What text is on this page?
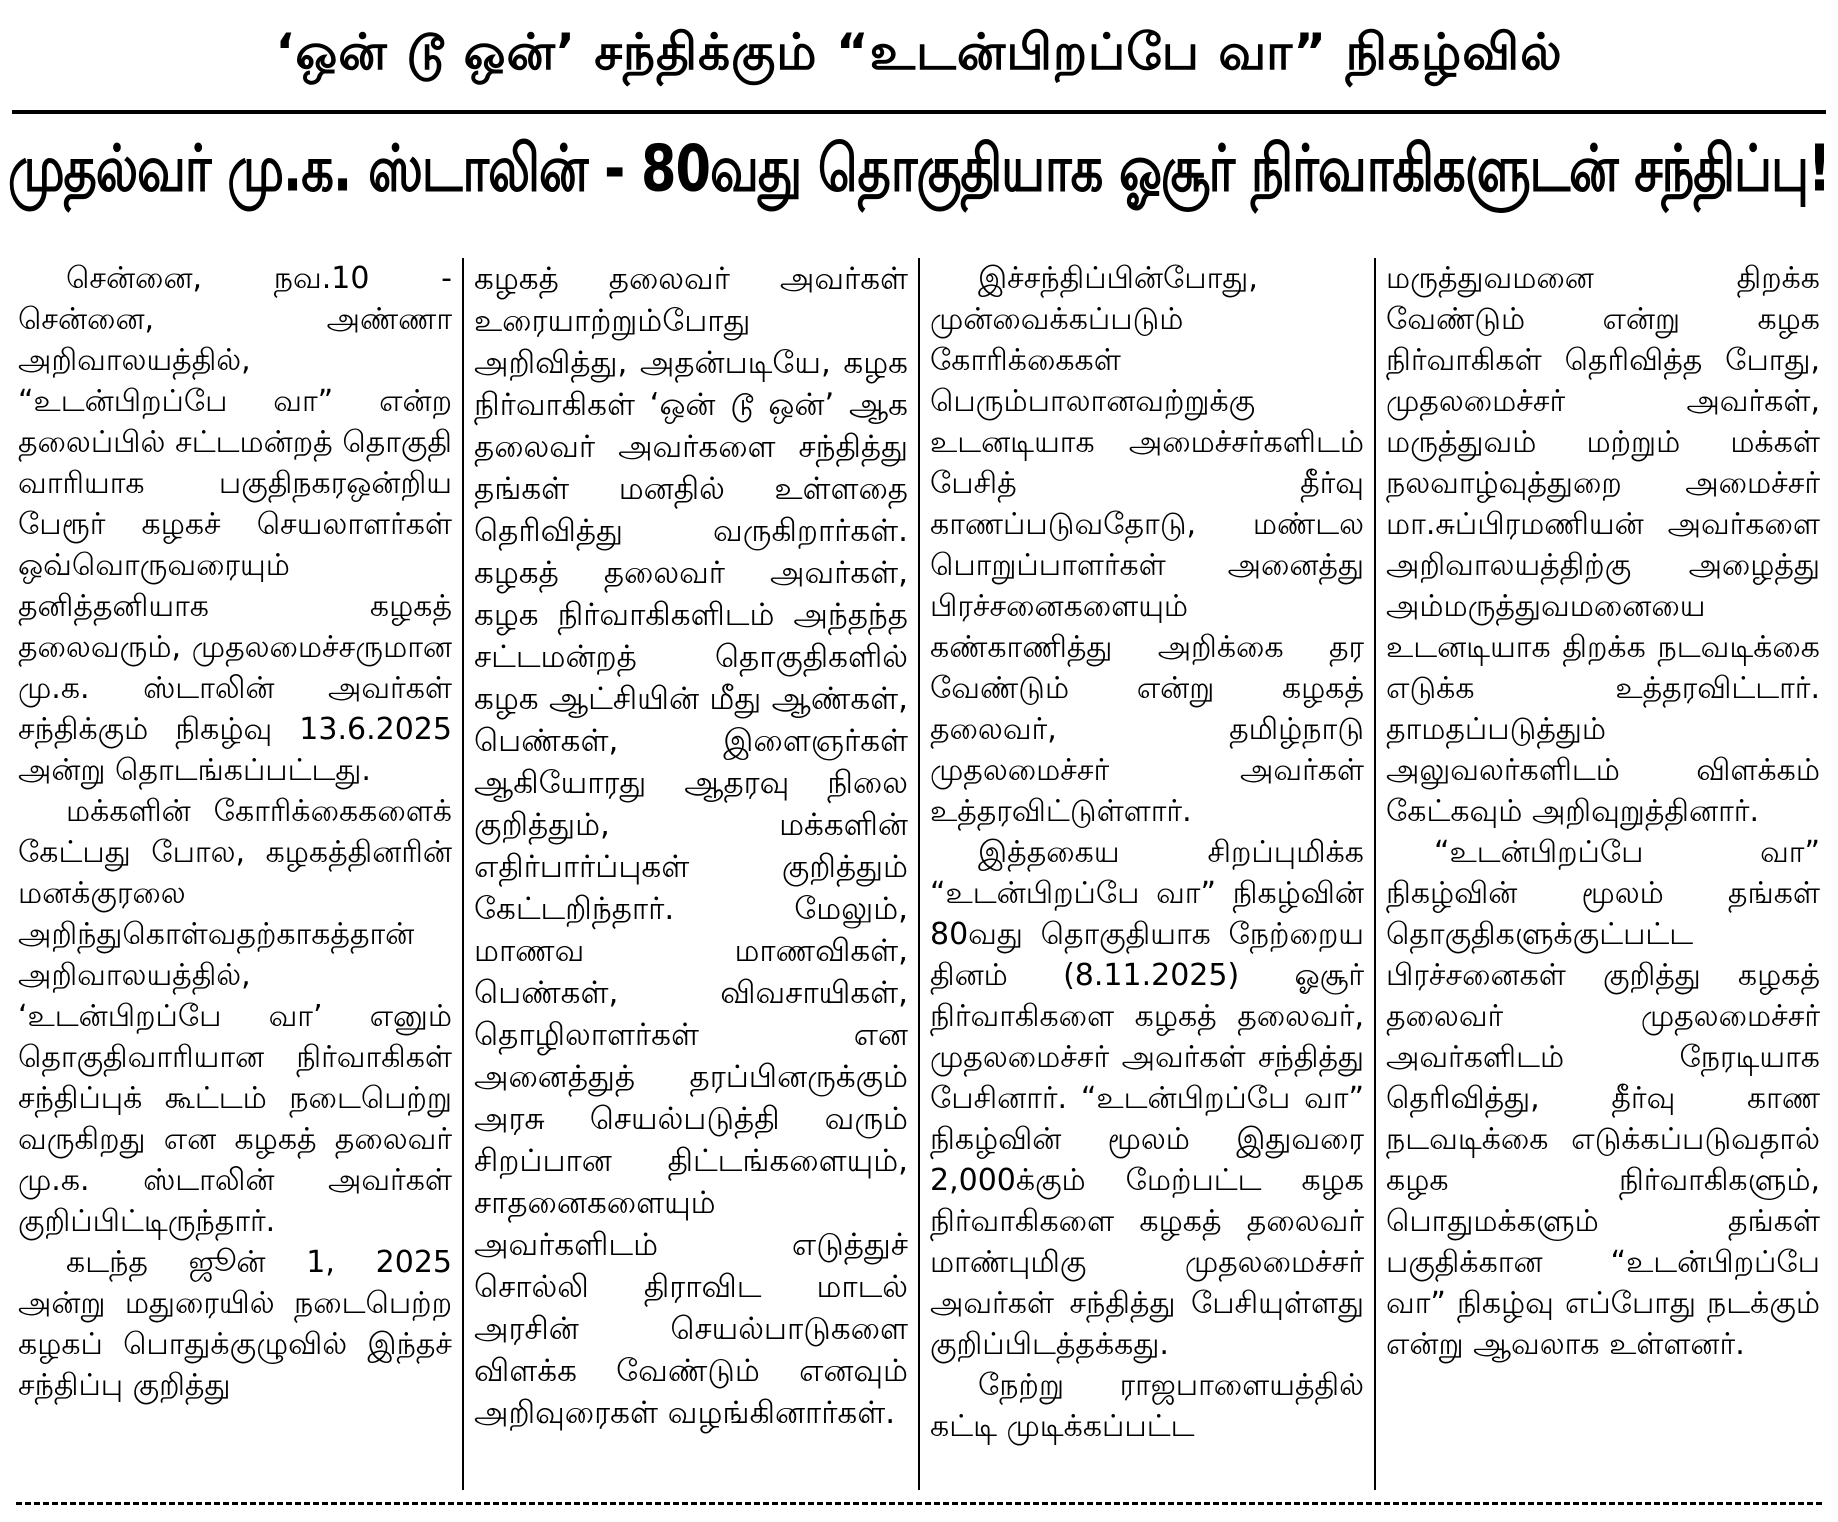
‘ஒன் டூ ஒன்’ சந்திக்கும் “உடன்பிறப்பே வா” நிகழ்வில்
முதல்வர் மு.க. ஸ்டாலின் - 80வது தொகுதியாக ஓசூர் நிர்வாகிகளுடன் சந்திப்பு!

சென்னை, நவ.10 - சென்னை, அண்ணா அறிவாலயத்தில், “உடன்பிறப்பே வா” என்ற தலைப்பில் சட்டமன்றத் தொகுதி வாரியாக பகுதிநகரஒன்றிய பேரூர் கழகச் செயலாளர்கள் ஒவ்வொருவரையும் தனித்தனியாக கழகத் தலைவரும், முதலமைச்சருமான மு.க. ஸ்டாலின் அவர்கள் சந்திக்கும் நிகழ்வு 13.6.2025 அன்று தொடங்கப்பட்டது.

மக்களின் கோரிக்கைகளைக் கேட்பது போல, கழகத்தினரின் மனக்குரலை அறிந்துகொள்வதற்காகத்தான் அறிவாலயத்தில், ‘உடன்பிறப்பே வா’ எனும் தொகுதிவாரியான நிர்வாகிகள் சந்திப்புக் கூட்டம் நடைபெற்று வருகிறது என கழகத் தலைவர் மு.க. ஸ்டாலின் அவர்கள் குறிப்பிட்டிருந்தார்.

கடந்த ஜூன் 1, 2025 அன்று மதுரையில் நடைபெற்ற கழகப் பொதுக்குழுவில் இந்தச் சந்திப்பு குறித்து

கழகத் தலைவர் அவர்கள் உரையாற்றும்போது அறிவித்து, அதன்படியே, கழக நிர்வாகிகள் ‘ஒன் டூ ஒன்’ ஆக தலைவர் அவர்களை சந்தித்து தங்கள் மனதில் உள்ளதை தெரிவித்து வருகிறார்கள். கழகத் தலைவர் அவர்கள், கழக நிர்வாகிகளிடம் அந்தந்த சட்டமன்றத் தொகுதிகளில் கழக ஆட்சியின் மீது ஆண்கள், பெண்கள், இளைஞர்கள் ஆகியோரது ஆதரவு நிலை குறித்தும், மக்களின் எதிர்பார்ப்புகள் குறித்தும் கேட்டறிந்தார். மேலும், மாணவ மாணவிகள், பெண்கள், விவசாயிகள், தொழிலாளர்கள் என அனைத்துத் தரப்பினருக்கும் அரசு செயல்படுத்தி வரும் சிறப்பான திட்டங்களையும், சாதனைகளையும் அவர்களிடம் எடுத்துச் சொல்லி திராவிட மாடல் அரசின் செயல்பாடுகளை விளக்க வேண்டும் எனவும் அறிவுரைகள் வழங்கினார்கள்.

இச்சந்திப்பின்போது, முன்வைக்கப்படும் கோரிக்கைகள் பெரும்பாலானவற்றுக்கு உடனடியாக அமைச்சர்களிடம் பேசித் தீர்வு காணப்படுவதோடு, மண்டல பொறுப்பாளர்கள் அனைத்து பிரச்சனைகளையும் கண்காணித்து அறிக்கை தர வேண்டும் என்று கழகத் தலைவர், தமிழ்நாடு முதலமைச்சர் அவர்கள் உத்தரவிட்டுள்ளார்.

இத்தகைய சிறப்புமிக்க “உடன்பிறப்பே வா” நிகழ்வின் 80வது தொகுதியாக நேற்றைய தினம் (8.11.2025) ஓசூர் நிர்வாகிகளை கழகத் தலைவர், முதலமைச்சர் அவர்கள் சந்தித்து பேசினார். “உடன்பிறப்பே வா” நிகழ்வின் மூலம் இதுவரை 2,000க்கும் மேற்பட்ட கழக நிர்வாகிகளை கழகத் தலைவர் மாண்புமிகு முதலமைச்சர் அவர்கள் சந்தித்து பேசியுள்ளது குறிப்பிடத்தக்கது.

நேற்று ராஜபாளையத்தில் கட்டி முடிக்கப்பட்ட

மருத்துவமனை திறக்க வேண்டும் என்று கழக நிர்வாகிகள் தெரிவித்த போது, முதலமைச்சர் அவர்கள், மருத்துவம் மற்றும் மக்கள் நலவாழ்வுத்துறை அமைச்சர் மா.சுப்பிரமணியன் அவர்களை அறிவாலயத்திற்கு அழைத்து அம்மருத்துவமனையை உடனடியாக திறக்க நடவடிக்கை எடுக்க உத்தரவிட்டார். தாமதப்படுத்தும் அலுவலர்களிடம் விளக்கம் கேட்கவும் அறிவுறுத்தினார்.

“உடன்பிறப்பே வா” நிகழ்வின் மூலம் தங்கள் தொகுதிகளுக்குட்பட்ட பிரச்சனைகள் குறித்து கழகத் தலைவர் முதலமைச்சர் அவர்களிடம் நேரடியாக தெரிவித்து, தீர்வு காண நடவடிக்கை எடுக்கப்படுவதால் கழக நிர்வாகிகளும், பொதுமக்களும் தங்கள் பகுதிக்கான “உடன்பிறப்பே வா” நிகழ்வு எப்போது நடக்கும் என்று ஆவலாக உள்ளனர்.
